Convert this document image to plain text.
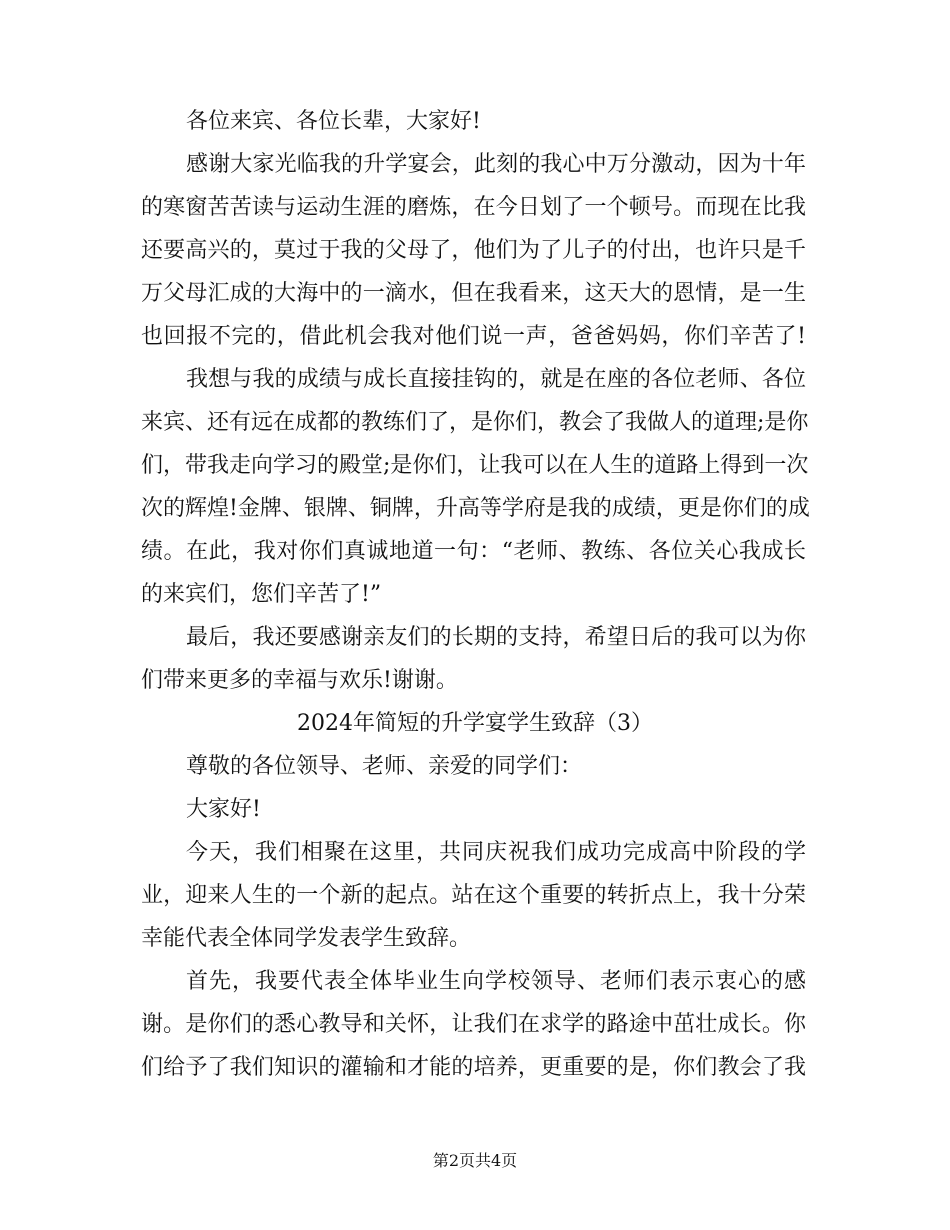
各位来宾、各位长辈，大家好!
感谢大家光临我的升学宴会，此刻的我心中万分激动，因为十年
的寒窗苦苦读与运动生涯的磨炼，在今日划了一个顿号。而现在比我
还要高兴的，莫过于我的父母了，他们为了儿子的付出，也许只是千
万父母汇成的大海中的一滴水，但在我看来，这天大的恩情，是一生
也回报不完的，借此机会我对他们说一声，爸爸妈妈，你们辛苦了!
我想与我的成绩与成长直接挂钩的，就是在座的各位老师、各位
来宾、还有远在成都的教练们了，是你们，教会了我做人的道理;是你
们，带我走向学习的殿堂;是你们，让我可以在人生的道路上得到一次
次的辉煌!金牌、银牌、铜牌，升高等学府是我的成绩，更是你们的成
绩。在此，我对你们真诚地道一句：“老师、教练、各位关心我成长
的来宾们，您们辛苦了!”
最后，我还要感谢亲友们的长期的支持，希望日后的我可以为你
们带来更多的幸福与欢乐!谢谢。
2024年简短的升学宴学生致辞（3）
尊敬的各位领导、老师、亲爱的同学们：
大家好!
今天，我们相聚在这里，共同庆祝我们成功完成高中阶段的学
业，迎来人生的一个新的起点。站在这个重要的转折点上，我十分荣
幸能代表全体同学发表学生致辞。
首先，我要代表全体毕业生向学校领导、老师们表示衷心的感
谢。是你们的悉心教导和关怀，让我们在求学的路途中茁壮成长。你
们给予了我们知识的灌输和才能的培养，更重要的是，你们教会了我
第2页共4页
